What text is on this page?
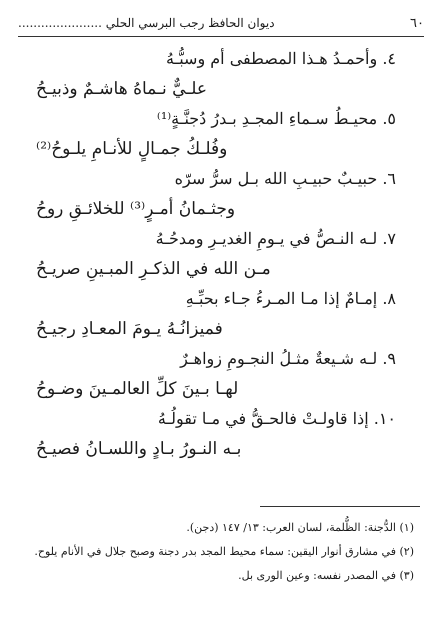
٦٠
ديوان الحافظ رجب البرسي الحلي ......................
٤. وأحمـدُ هـذا المصطفى أم وسبُّـهُ
علـيٌّ نـماهُ هاشـمٌ وذبيـحُ
٥. محيـطُ سـماءِ المجـدِ بـدرُ دُجنَّـةٍ⁽¹⁾
وفُلـكُ جمـالٍ للأنـامِ يلـوحُ⁽²⁾
٦. حبيـبٌ حبيـبِ الله بـل سرُّ سرّه
وجثـمانُ أمـرٍ⁽³⁾ للخلائـقِ روحُ
٧. لـه النـصُّ في يـومِ الغديـرِ ومدحُـهُ
مـن الله في الذكـرِ المبـينِ صريـحُ
٨. إمـامٌ إذا مـا المـرءُ جـاء بحبِّـهِ
فميزانُـهُ يـومَ المعـادِ رجيـحُ
٩. لـه شـيعةٌ مثـلُ النجـومِ زواهـرٌ
لهـا بـينَ كلِّ العالمـينَ وضـوحُ
١٠. إذا قاولـتْ فالحـقُّ في مـا تقولُـهُ
بـه النـورُ بـادٍ واللسـانُ فصيـحُ
(١) الدُّجنة: الظُّلمة، لسان العرب: ١٣/ ١٤٧ (دجن).
(٢) في مشارق أنوار اليقين: سماء محيط المجد بدر دجنة وصبح جلال في الأنام يلوح.
(٣) في المصدر نفسه: وعين الورى بل.
